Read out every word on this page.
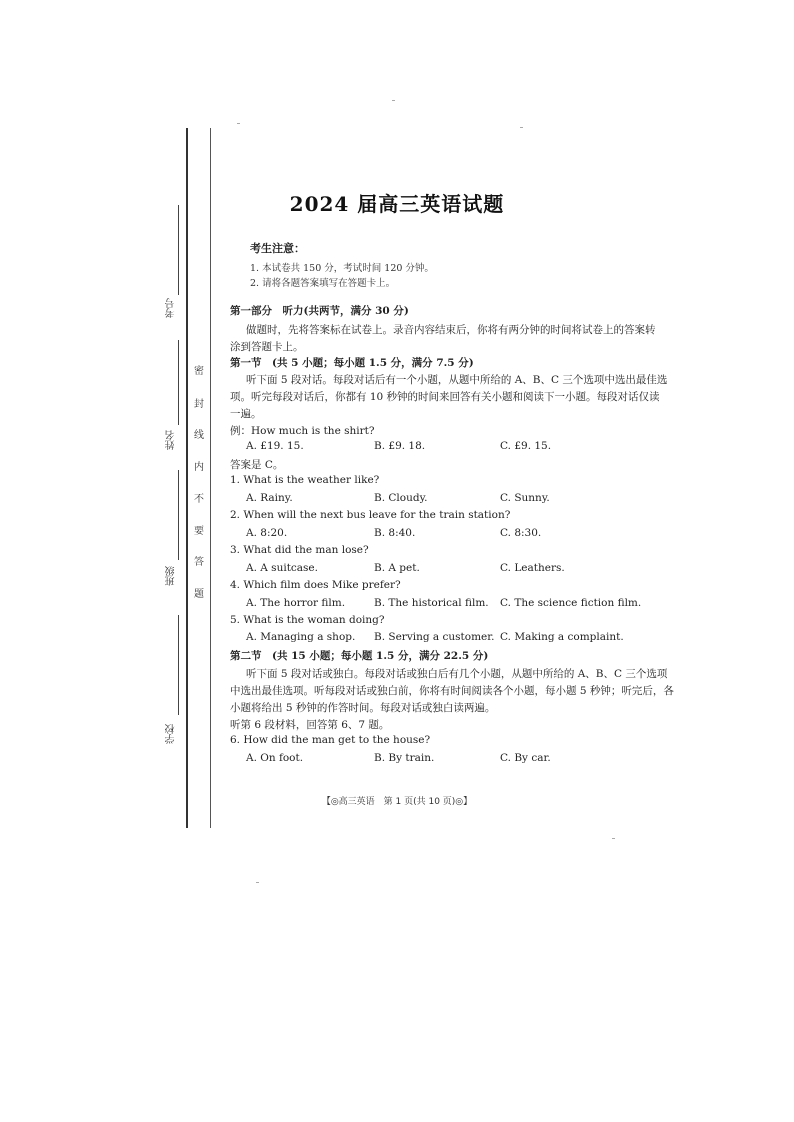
考号
姓名
班级
学校
密
封
线
内
不
要
答
题
2024 届高三英语试题
考生注意：
1. 本试卷共 150 分，考试时间 120 分钟。
2. 请将各题答案填写在答题卡上。
第一部分　听力(共两节，满分 30 分)
做题时，先将答案标在试卷上。录音内容结束后，你将有两分钟的时间将试卷上的答案转
涂到答题卡上。
第一节　(共 5 小题；每小题 1.5 分，满分 7.5 分)
听下面 5 段对话。每段对话后有一个小题，从题中所给的 A、B、C 三个选项中选出最佳选
项。听完每段对话后，你都有 10 秒钟的时间来回答有关小题和阅读下一小题。每段对话仅读
一遍。
例：How much is the shirt?
A. £19. 15.	B. £9. 18.	C. £9. 15.
答案是 C。
1. What is the weather like?
A. Rainy.	B. Cloudy.	C. Sunny.
2. When will the next bus leave for the train station?
A. 8:20.	B. 8:40.	C. 8:30.
3. What did the man lose?
A. A suitcase.	B. A pet.	C. Leathers.
4. Which film does Mike prefer?
A. The horror film.	B. The historical film. C. The science fiction film.
5. What is the woman doing?
A. Managing a shop. B. Serving a customer. C. Making a complaint.
第二节　(共 15 小题；每小题 1.5 分，满分 22.5 分)
听下面 5 段对话或独白。每段对话或独白后有几个小题，从题中所给的 A、B、C 三个选项
中选出最佳选项。听每段对话或独白前，你将有时间阅读各个小题，每小题 5 秒钟；听完后，各
小题将给出 5 秒钟的作答时间。每段对话或独白读两遍。
听第 6 段材料，回答第 6、7 题。
6. How did the man get to the house?
A. On foot.	B. By train.	C. By car.
【◎高三英语　第 1 页(共 10 页)◎】
